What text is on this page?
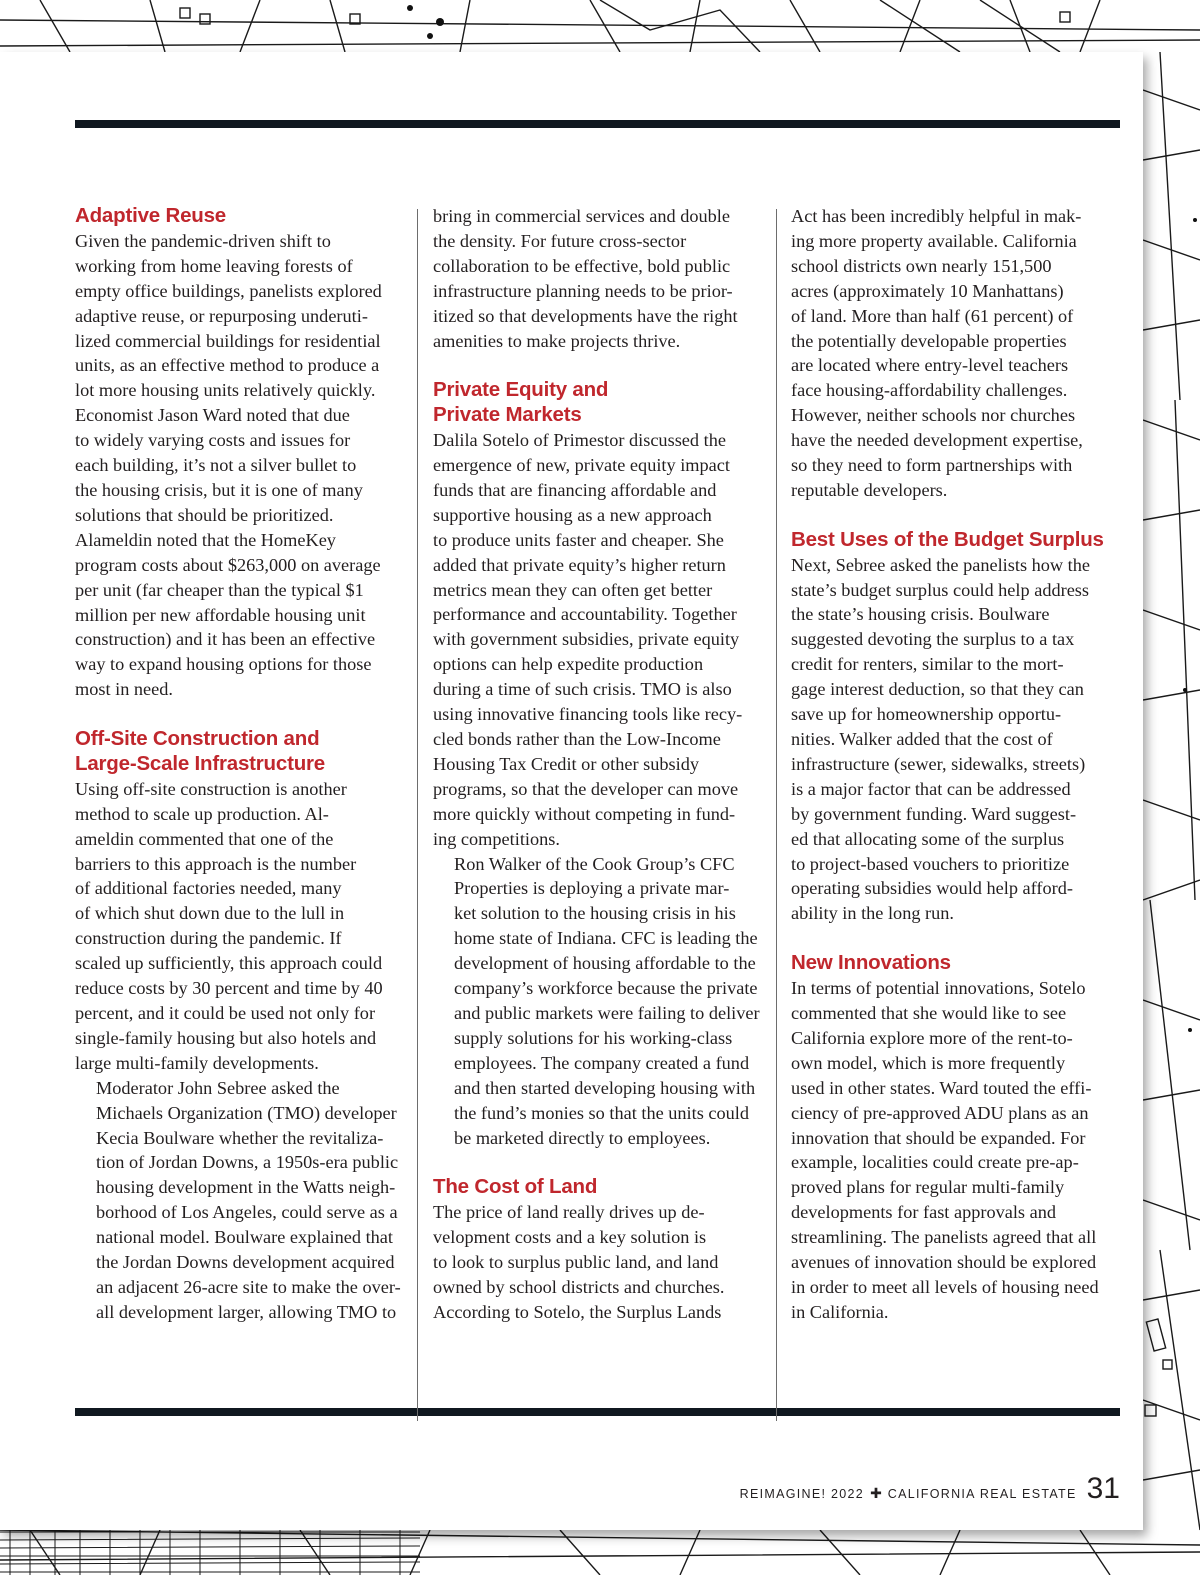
Adaptive Reuse

Given the pandemic-driven shift to
working from home leaving forests of
empty office buildings, panelists explored
adaptive reuse, or repurposing underuti-
lized commercial buildings for residential
units, as an effective method to produce a
lot more housing units relatively quickly.
Economist Jason Ward noted that due
to widely varying costs and issues for
each building, it’s not a silver bullet to
the housing crisis, but it is one of many
solutions that should be prioritized.
Alameldin noted that the HomeKey
program costs about $263,000 on average
per unit (far cheaper than the typical $1
million per new affordable housing unit
construction) and it has been an effective
way to expand housing options for those
most in need.

Off-Site Construction and
Large-Scale Infrastructure

Using off-site construction is another
method to scale up production. Al-
ameldin commented that one of the
barriers to this approach is the number
of additional factories needed, many
of which shut down due to the lull in
construction during the pandemic. If
scaled up sufficiently, this approach could
reduce costs by 30 percent and time by 40
percent, and it could be used not only for
single-family housing but also hotels and
large multi-family developments.

Moderator John Sebree asked the
Michaels Organization (TMO) developer
Kecia Boulware whether the revitaliza-
tion of Jordan Downs, a 1950s-era public
housing development in the Watts neigh-
borhood of Los Angeles, could serve as a
national model. Boulware explained that
the Jordan Downs development acquired
an adjacent 26-acre site to make the over-
all development larger, allowing TMO to

bring in commercial services and double
the density. For future cross-sector
collaboration to be effective, bold public
infrastructure planning needs to be prior-
itized so that developments have the right
amenities to make projects thrive.

Private Equity and
Private Markets

Dalila Sotelo of Primestor discussed the
emergence of new, private equity impact
funds that are financing affordable and
supportive housing as a new approach
to produce units faster and cheaper. She
added that private equity’s higher return
metrics mean they can often get better
performance and accountability. Together
with government subsidies, private equity
options can help expedite production
during a time of such crisis. TMO is also
using innovative financing tools like recy-
cled bonds rather than the Low-Income
Housing Tax Credit or other subsidy
programs, so that the developer can move
more quickly without competing in fund-
ing competitions.

Ron Walker of the Cook Group’s CFC
Properties is deploying a private mar-
ket solution to the housing crisis in his
home state of Indiana. CFC is leading the
development of housing affordable to the
company’s workforce because the private
and public markets were failing to deliver
supply solutions for his working-class
employees. The company created a fund
and then started developing housing with
the fund’s monies so that the units could
be marketed directly to employees.

The Cost of Land

The price of land really drives up de-
velopment costs and a key solution is
to look to surplus public land, and land
owned by school districts and churches.
According to Sotelo, the Surplus Lands

Act has been incredibly helpful in mak-
ing more property available. California
school districts own nearly 151,500
acres (approximately 10 Manhattans)
of land. More than half (61 percent) of
the potentially developable properties
are located where entry-level teachers
face housing-affordability challenges.
However, neither schools nor churches
have the needed development expertise,
so they need to form partnerships with
reputable developers.

Best Uses of the Budget Surplus

Next, Sebree asked the panelists how the
state’s budget surplus could help address
the state’s housing crisis. Boulware
suggested devoting the surplus to a tax
credit for renters, similar to the mort-
gage interest deduction, so that they can
save up for homeownership opportu-
nities. Walker added that the cost of
infrastructure (sewer, sidewalks, streets)
is a major factor that can be addressed
by government funding. Ward suggest-
ed that allocating some of the surplus
to project-based vouchers to prioritize
operating subsidies would help afford-
ability in the long run.

New Innovations

In terms of potential innovations, Sotelo
commented that she would like to see
California explore more of the rent-to-
own model, which is more frequently
used in other states. Ward touted the effi-
ciency of pre-approved ADU plans as an
innovation that should be expanded. For
example, localities could create pre-ap-
proved plans for regular multi-family
developments for fast approvals and
streamlining. The panelists agreed that all
avenues of innovation should be explored
in order to meet all levels of housing need
in California.

REIMAGINE! 2022 ✚ CALIFORNIA REAL ESTATE 31
